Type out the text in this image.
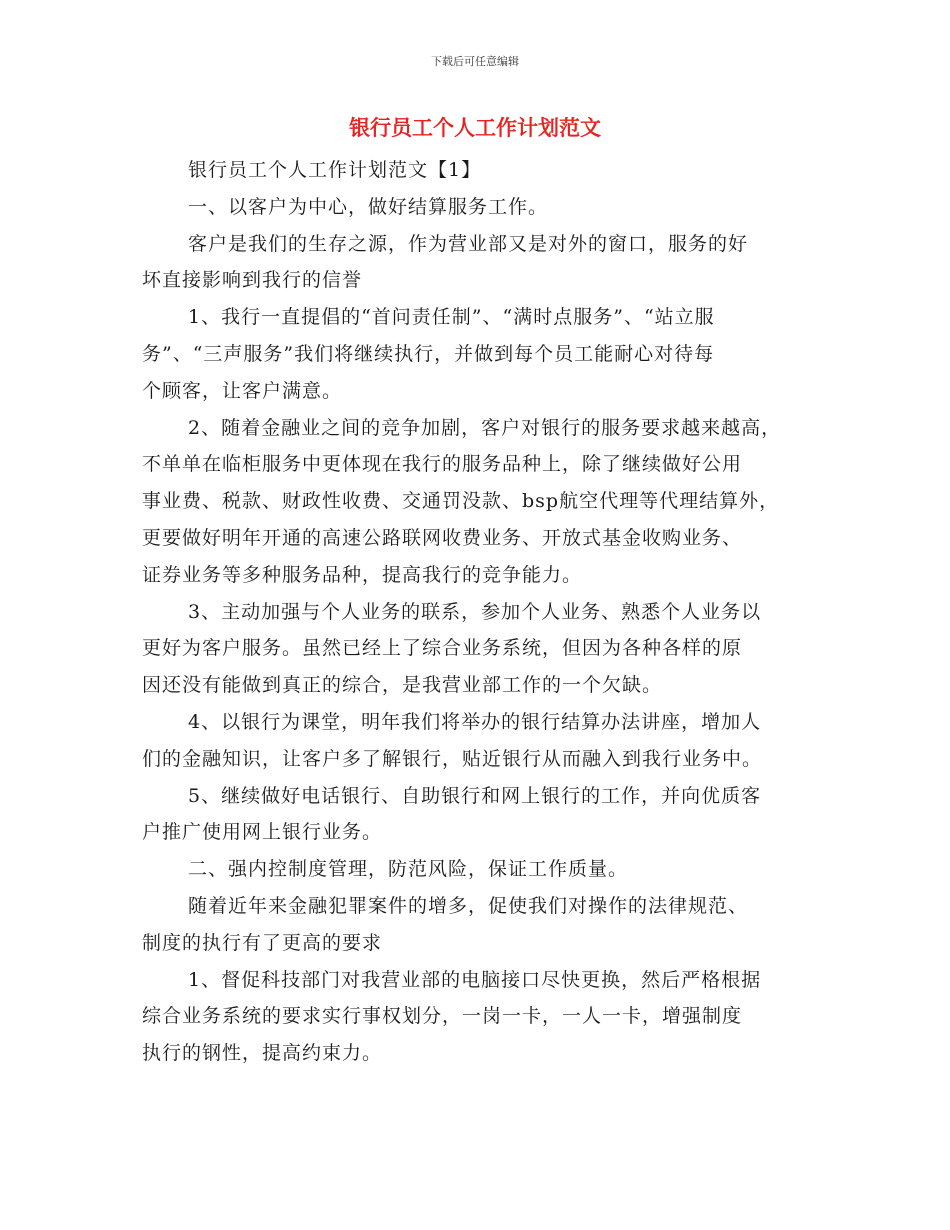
下载后可任意编辑
银行员工个人工作计划范文
银行员工个人工作计划范文【1】
一、以客户为中心，做好结算服务工作。
客户是我们的生存之源，作为营业部又是对外的窗口，服务的好
坏直接影响到我行的信誉
1、我行一直提倡的“首问责任制”、“满时点服务”、“站立服
务”、“三声服务”我们将继续执行，并做到每个员工能耐心对待每
个顾客，让客户满意。
2、随着金融业之间的竞争加剧，客户对银行的服务要求越来越高，
不单单在临柜服务中更体现在我行的服务品种上，除了继续做好公用
事业费、税款、财政性收费、交通罚没款、bsp航空代理等代理结算外，
更要做好明年开通的高速公路联网收费业务、开放式基金收购业务、
证券业务等多种服务品种，提高我行的竞争能力。
3、主动加强与个人业务的联系，参加个人业务、熟悉个人业务以
更好为客户服务。虽然已经上了综合业务系统，但因为各种各样的原
因还没有能做到真正的综合，是我营业部工作的一个欠缺。
4、以银行为课堂，明年我们将举办的银行结算办法讲座，增加人
们的金融知识，让客户多了解银行，贴近银行从而融入到我行业务中。
5、继续做好电话银行、自助银行和网上银行的工作，并向优质客
户推广使用网上银行业务。
二、强内控制度管理，防范风险，保证工作质量。
随着近年来金融犯罪案件的增多，促使我们对操作的法律规范、
制度的执行有了更高的要求
1、督促科技部门对我营业部的电脑接口尽快更换，然后严格根据
综合业务系统的要求实行事权划分，一岗一卡，一人一卡，增强制度
执行的钢性，提高约束力。
